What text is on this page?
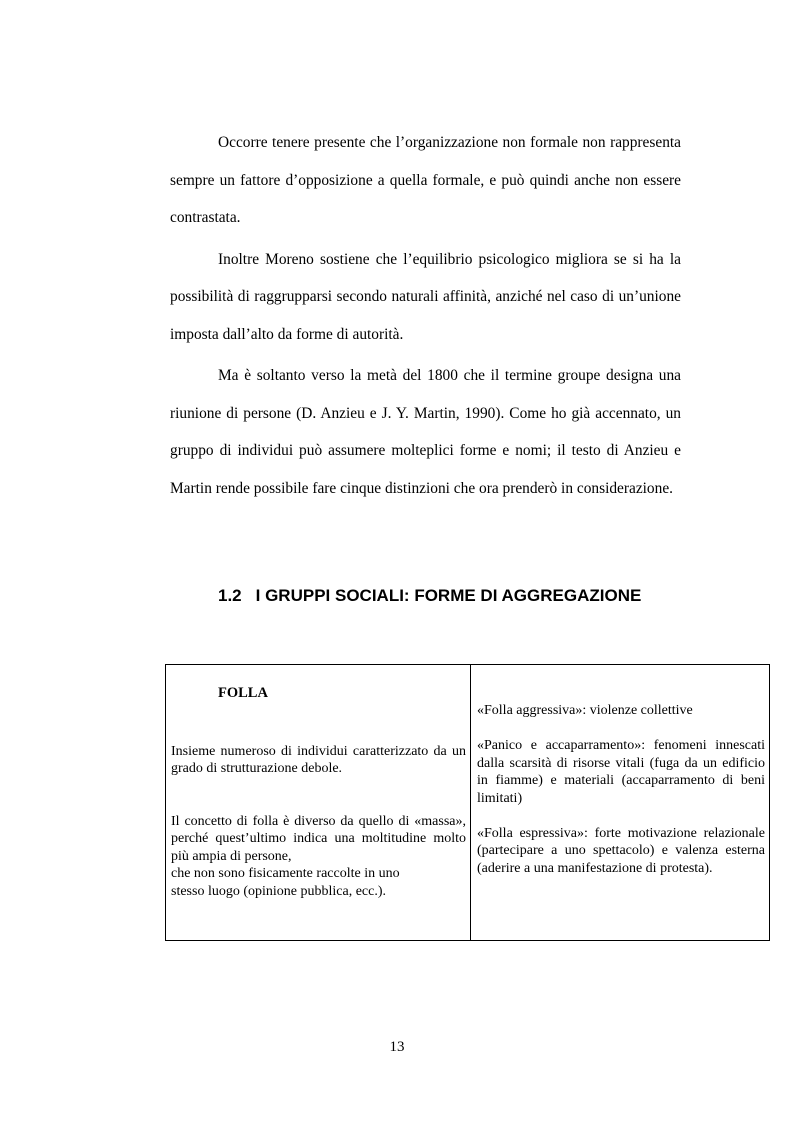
Occorre tenere presente che l’organizzazione non formale non rappresenta sempre un fattore d’opposizione a quella formale, e può quindi anche non essere contrastata.

Inoltre Moreno sostiene che l’equilibrio psicologico migliora se si ha la possibilità di raggrupparsi secondo naturali affinità, anziché nel caso di un’unione imposta dall’alto da forme di autorità.

Ma è soltanto verso la metà del 1800 che il termine groupe designa una riunione di persone (D. Anzieu e J. Y. Martin, 1990). Come ho già accennato, un gruppo di individui può assumere molteplici forme e nomi; il testo di Anzieu e Martin rende possibile fare cinque distinzioni che ora prenderò in considerazione.

1.2 I GRUPPI SOCIALI: FORME DI AGGREGAZIONE
FOLLA

Insieme numeroso di individui caratterizzato da un grado di strutturazione debole.

Il concetto di folla è diverso da quello di «massa», perché quest’ultimo indica una moltitudine molto più ampia di persone,
che non sono fisicamente raccolte in uno
stesso luogo (opinione pubblica, ecc.).

«Folla aggressiva»: violenze collettive

«Panico e accaparramento»: fenomeni innescati dalla scarsità di risorse vitali (fuga da un edificio in fiamme) e materiali (accaparramento di beni limitati)

«Folla espressiva»: forte motivazione relazionale (partecipare a uno spettacolo) e valenza esterna (aderire a una manifestazione di protesta).

13
